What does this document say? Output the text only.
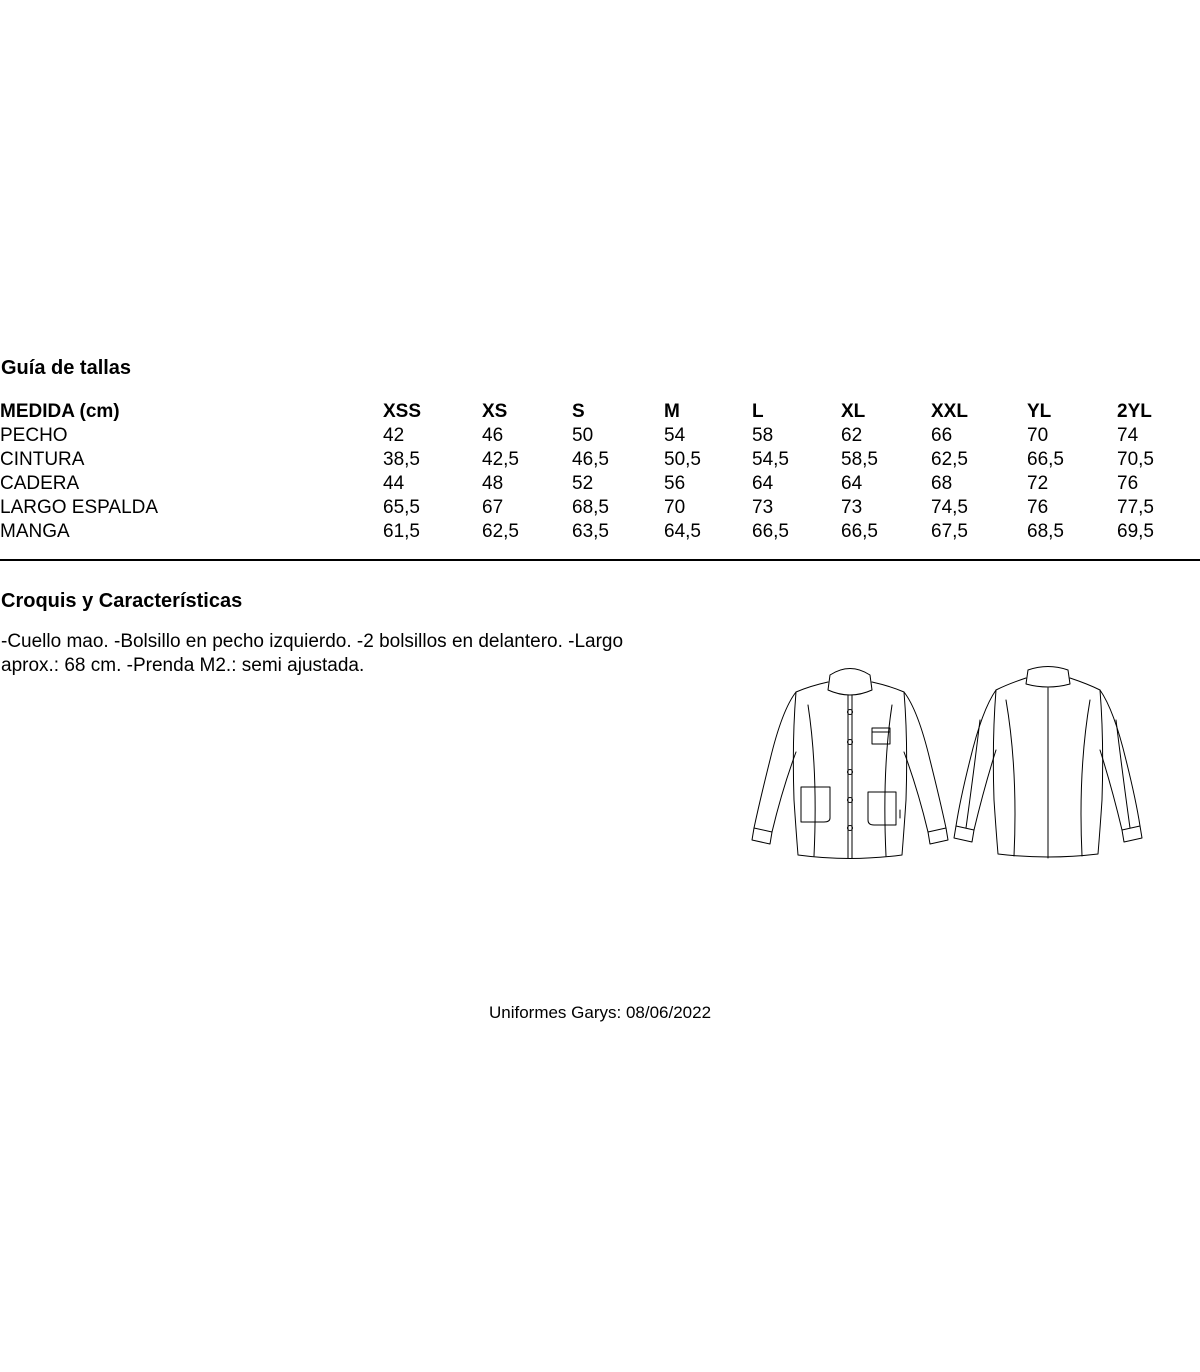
Guía de tallas
MEDIDA (cm)	XSS	XS	S	M	L	XL	XXL	YL	2YL
PECHO	42	46	50	54	58	62	66	70	74
CINTURA	38,5	42,5	46,5	50,5	54,5	58,5	62,5	66,5	70,5
CADERA	44	48	52	56	64	64	68	72	76
LARGO ESPALDA	65,5	67	68,5	70	73	73	74,5	76	77,5
MANGA	61,5	62,5	63,5	64,5	66,5	66,5	67,5	68,5	69,5
Croquis y Características

-Cuello mao. -Bolsillo en pecho izquierdo. -2 bolsillos en delantero. -Largo aprox.: 68 cm. -Prenda M2.: semi ajustada.

Uniformes Garys: 08/06/2022
